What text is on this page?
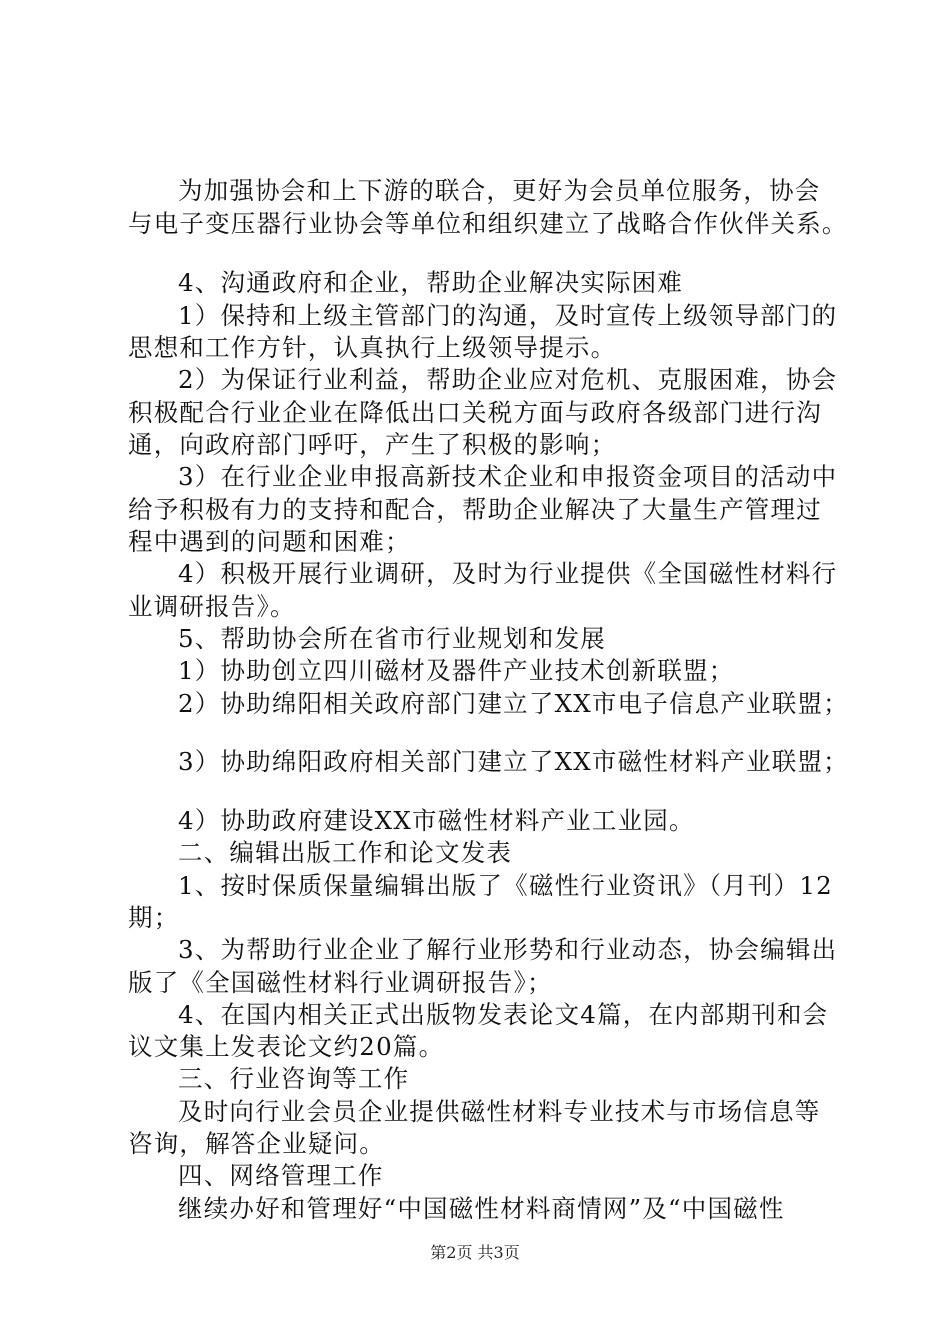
为加强协会和上下游的联合，更好为会员单位服务，协会
与电子变压器行业协会等单位和组织建立了战略合作伙伴关系。
4、沟通政府和企业，帮助企业解决实际困难
1）保持和上级主管部门的沟通，及时宣传上级领导部门的
思想和工作方针，认真执行上级领导提示。
2）为保证行业利益，帮助企业应对危机、克服困难，协会
积极配合行业企业在降低出口关税方面与政府各级部门进行沟
通，向政府部门呼吁，产生了积极的影响；
3）在行业企业申报高新技术企业和申报资金项目的活动中
给予积极有力的支持和配合，帮助企业解决了大量生产管理过
程中遇到的问题和困难；
4）积极开展行业调研，及时为行业提供《全国磁性材料行
业调研报告》。
5、帮助协会所在省市行业规划和发展
1）协助创立四川磁材及器件产业技术创新联盟；
2）协助绵阳相关政府部门建立了XX市电子信息产业联盟；
3）协助绵阳政府相关部门建立了XX市磁性材料产业联盟；
4）协助政府建设XX市磁性材料产业工业园。
二、编辑出版工作和论文发表
1、按时保质保量编辑出版了《磁性行业资讯》（月刊）12
期；
3、为帮助行业企业了解行业形势和行业动态，协会编辑出
版了《全国磁性材料行业调研报告》；
4、在国内相关正式出版物发表论文4篇，在内部期刊和会
议文集上发表论文约20篇。
三、行业咨询等工作
及时向行业会员企业提供磁性材料专业技术与市场信息等
咨询，解答企业疑问。
四、网络管理工作
继续办好和管理好“中国磁性材料商情网”及“中国磁性
第2页 共3页
